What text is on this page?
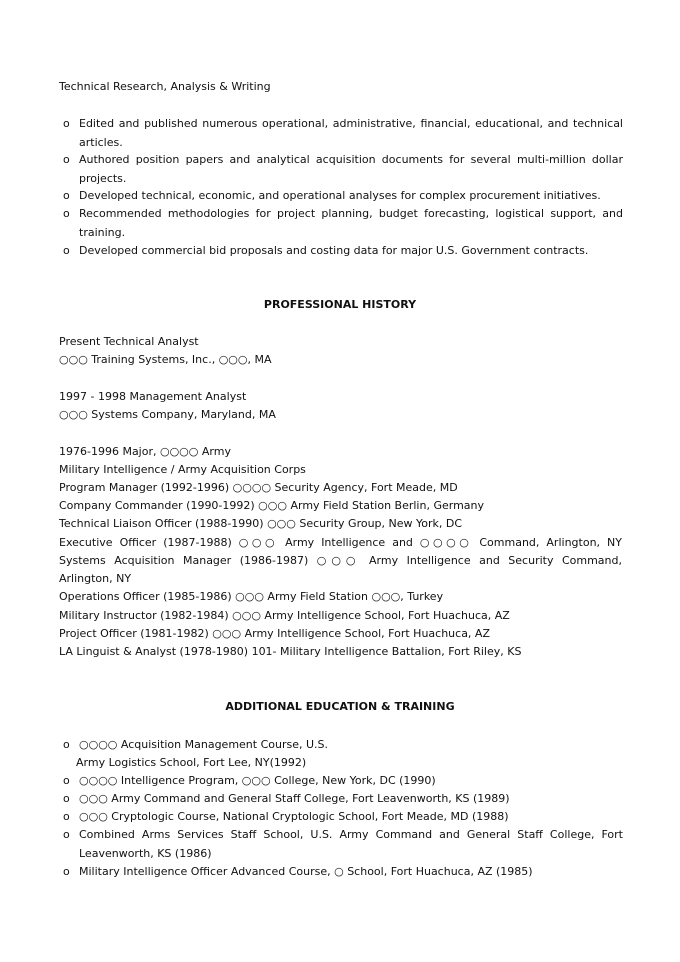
Technical Research, Analysis & Writing
o Edited and published numerous operational, administrative, financial, educational, and technical
articles.
o Authored position papers and analytical acquisition documents for several multi-million dollar
projects.
o Developed technical, economic, and operational analyses for complex procurement initiatives.
o Recommended methodologies for project planning, budget forecasting, logistical support, and
training.
o Developed commercial bid proposals and costing data for major U.S. Government contracts.
PROFESSIONAL HISTORY
Present Technical Analyst
○○○ Training Systems, Inc., ○○○, MA
1997 - 1998 Management Analyst
○○○ Systems Company, Maryland, MA
1976-1996 Major, ○○○○ Army
Military Intelligence / Army Acquisition Corps
Program Manager (1992-1996) ○○○○ Security Agency, Fort Meade, MD
Company Commander (1990-1992) ○○○ Army Field Station Berlin, Germany
Technical Liaison Officer (1988-1990) ○○○ Security Group, New York, DC
Executive Officer (1987-1988) ○○○ Army Intelligence and ○○○○ Command, Arlington, NY
Systems Acquisition Manager (1986-1987) ○○○ Army Intelligence and Security Command,
Arlington, NY
Operations Officer (1985-1986) ○○○ Army Field Station ○○○, Turkey
Military Instructor (1982-1984) ○○○ Army Intelligence School, Fort Huachuca, AZ
Project Officer (1981-1982) ○○○ Army Intelligence School, Fort Huachuca, AZ
LA Linguist & Analyst (1978-1980) 101- Military Intelligence Battalion, Fort Riley, KS
ADDITIONAL EDUCATION & TRAINING
o ○○○○ Acquisition Management Course, U.S.
Army Logistics School, Fort Lee, NY(1992)
o ○○○○ Intelligence Program, ○○○ College, New York, DC (1990)
o ○○○ Army Command and General Staff College, Fort Leavenworth, KS (1989)
o ○○○ Cryptologic Course, National Cryptologic School, Fort Meade, MD (1988)
o Combined Arms Services Staff School, U.S. Army Command and General Staff College, Fort
Leavenworth, KS (1986)
o Military Intelligence Officer Advanced Course, ○ School, Fort Huachuca, AZ (1985)
